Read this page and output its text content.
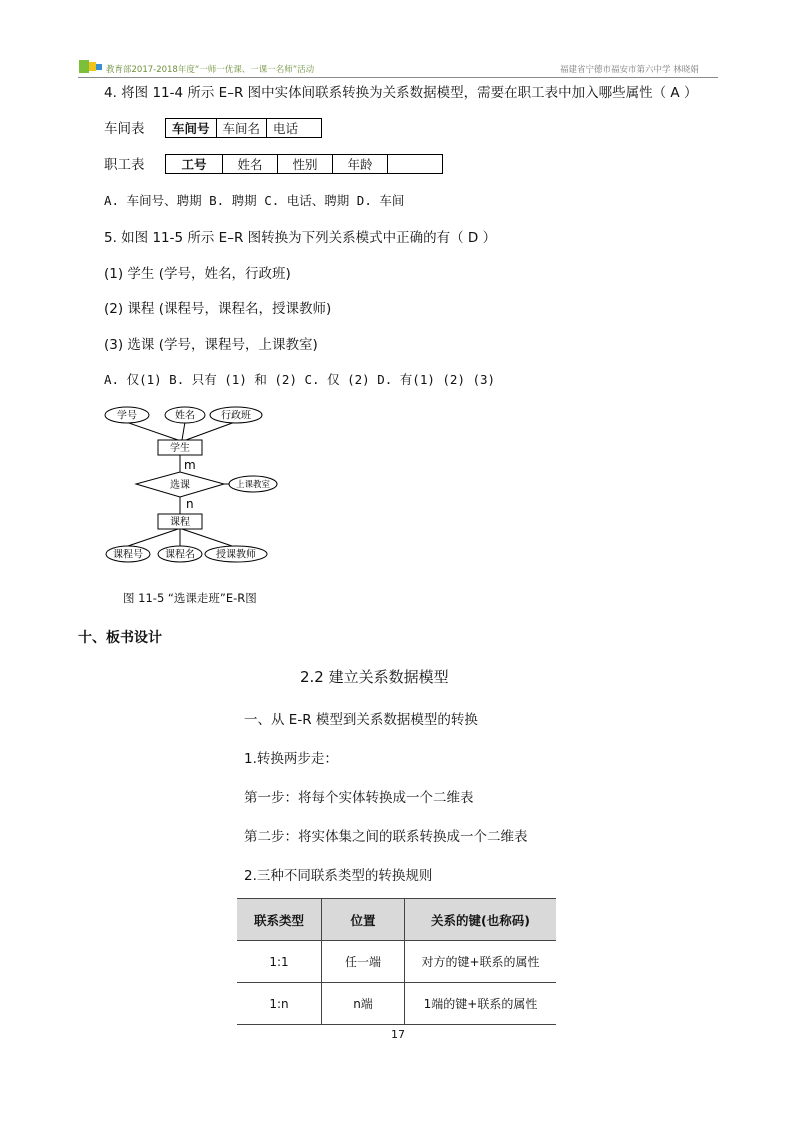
教育部2017-2018年度“一师一优课、一课一名师”活动	福建省宁德市福安市第六中学 林晓娟
4. 将图 11-4 所示 E–R 图中实体间联系转换为关系数据模型，需要在职工表中加入哪些属性（ A ）
车间表 车间号	车间名	电话
职工表	工号	姓名	性别	年龄	
A. 车间号、聘期 B. 聘期 C. 电话、聘期 D. 车间
5. 如图 11-5 所示 E–R 图转换为下列关系模式中正确的有（ D ）
(1) 学生 (学号，姓名，行政班)
(2) 课程 (课程号，课程名，授课教师)
(3) 选课 (学号，课程号，上课教室)
A. 仅(1) B. 只有 (1) 和 (2) C. 仅 (2) D. 有(1) (2) (3)
学号	姓名	行政班
学生
m
选课	上课教室
n
课程
课程号 课程名 授课教师
图 11-5 “选课走班”E-R图
十、板书设计
2.2 建立关系数据模型
一、从 E-R 模型到关系数据模型的转换
1.转换两步走：
第一步：将每个实体转换成一个二维表
第二步：将实体集之间的联系转换成一个二维表
2.三种不同联系类型的转换规则
联系类型	位置	关系的键(也称码)
1:1	任一端	对方的键+联系的属性
1:n	n端	1端的键+联系的属性
17
